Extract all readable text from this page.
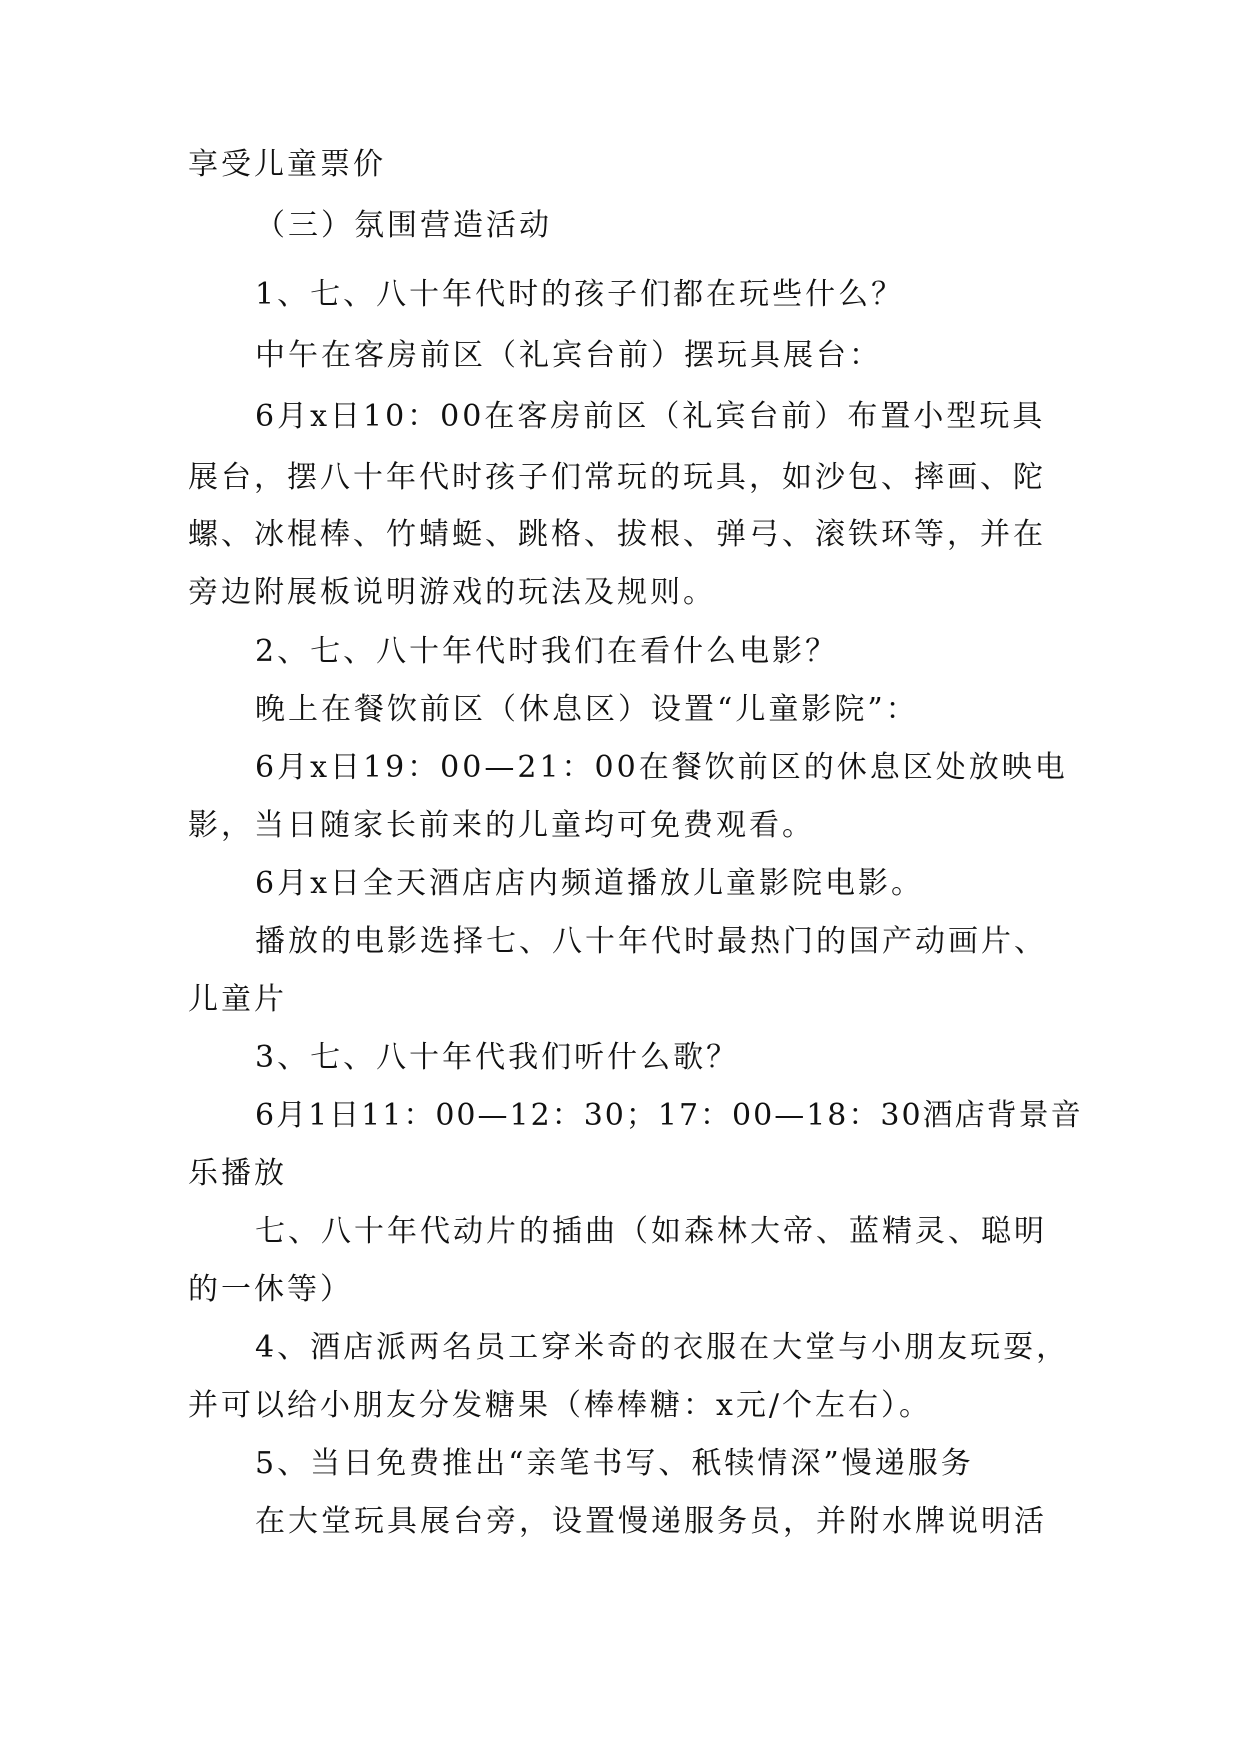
享受儿童票价
（三）氛围营造活动
1、七、八十年代时的孩子们都在玩些什么？
中午在客房前区（礼宾台前）摆玩具展台：
6月x日10：00在客房前区（礼宾台前）布置小型玩具
展台，摆八十年代时孩子们常玩的玩具，如沙包、摔画、陀
螺、冰棍棒、竹蜻蜓、跳格、拔根、弹弓、滚铁环等，并在
旁边附展板说明游戏的玩法及规则。
2、七、八十年代时我们在看什么电影？
晚上在餐饮前区（休息区）设置“儿童影院”：
6月x日19：00—21：00在餐饮前区的休息区处放映电
影，当日随家长前来的儿童均可免费观看。
6月x日全天酒店店内频道播放儿童影院电影。
播放的电影选择七、八十年代时最热门的国产动画片、
儿童片
3、七、八十年代我们听什么歌？
6月1日11：00—12：30；17：00—18：30酒店背景音
乐播放
七、八十年代动片的插曲（如森林大帝、蓝精灵、聪明
的一休等）
4、酒店派两名员工穿米奇的衣服在大堂与小朋友玩耍，
并可以给小朋友分发糖果（棒棒糖：x元/个左右）。
5、当日免费推出“亲笔书写、秖犊情深”慢递服务
在大堂玩具展台旁，设置慢递服务员，并附水牌说明活
